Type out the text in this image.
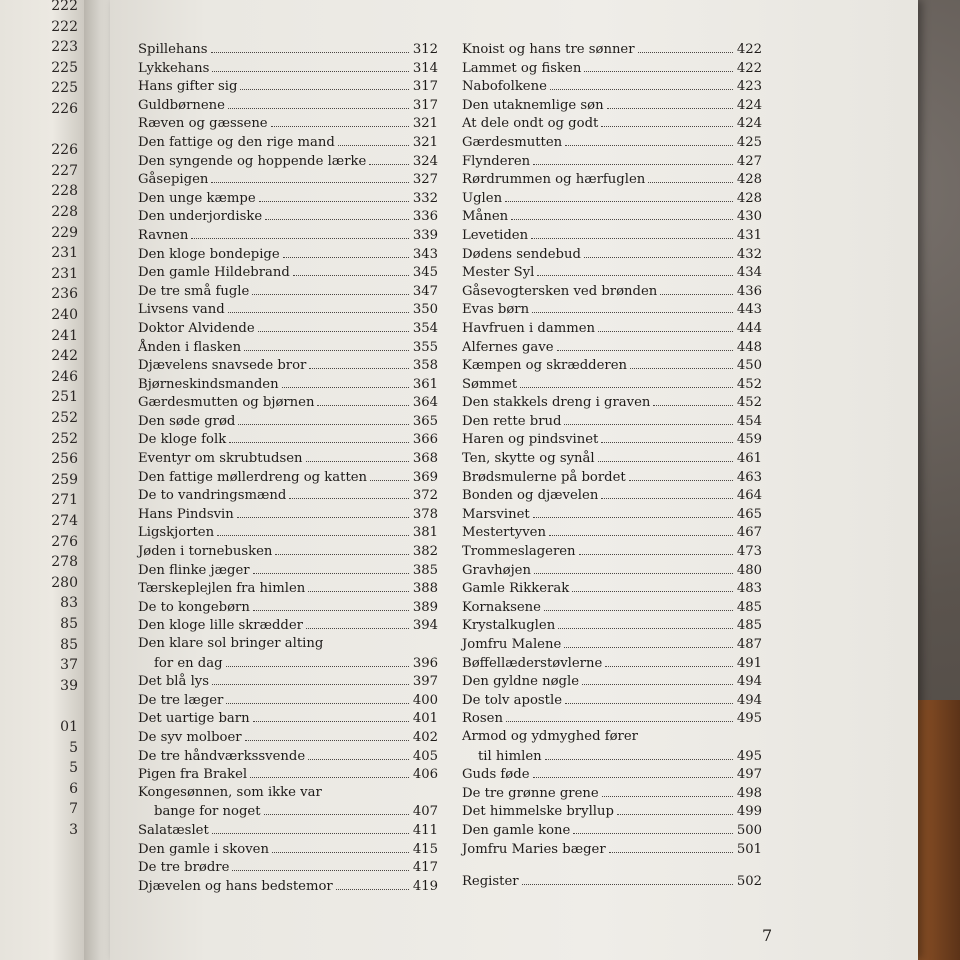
222
222
223
225
225
226
226
227
228
228
229
231
231
236
240
241
242
246
251
252
252
256
259
271
274
276
278
280
83
85
85
37
39
01
5
5
6
7
3
Spillehans	312
Lykkehans	314
Hans gifter sig	317
Guldbørnene	317
Ræven og gæssene	321
Den fattige og den rige mand	321
Den syngende og hoppende lærke	324
Gåsepigen	327
Den unge kæmpe	332
Den underjordiske	336
Ravnen	339
Den kloge bondepige	343
Den gamle Hildebrand	345
De tre små fugle	347
Livsens vand	350
Doktor Alvidende	354
Ånden i flasken	355
Djævelens snavsede bror	358
Bjørneskindsmanden	361
Gærdesmutten og bjørnen	364
Den søde grød	365
De kloge folk	366
Eventyr om skrubtudsen	368
Den fattige møllerdreng og katten	369
De to vandringsmænd	372
Hans Pindsvin	378
Ligskjorten	381
Jøden i tornebusken	382
Den flinke jæger	385
Tærskeplejlen fra himlen	388
De to kongebørn	389
Den kloge lille skrædder	394
Den klare sol bringer alting
for en dag	396
Det blå lys	397
De tre læger	400
Det uartige barn	401
De syv molboer	402
De tre håndværkssvende	405
Pigen fra Brakel	406
Kongesønnen, som ikke var
bange for noget	407
Salatæslet	411
Den gamle i skoven	415
De tre brødre	417
Djævelen og hans bedstemor	419
Knoist og hans tre sønner	422
Lammet og fisken	422
Nabofolkene	423
Den utaknemlige søn	424
At dele ondt og godt	424
Gærdesmutten	425
Flynderen	427
Rørdrummen og hærfuglen	428
Uglen	428
Månen	430
Levetiden	431
Dødens sendebud	432
Mester Syl	434
Gåsevogtersken ved brønden	436
Evas børn	443
Havfruen i dammen	444
Alfernes gave	448
Kæmpen og skrædderen	450
Sømmet	452
Den stakkels dreng i graven	452
Den rette brud	454
Haren og pindsvinet	459
Ten, skytte og synål	461
Brødsmulerne på bordet	463
Bonden og djævelen	464
Marsvinet	465
Mestertyven	467
Trommeslageren	473
Gravhøjen	480
Gamle Rikkerak	483
Kornaksene	485
Krystalkuglen	485
Jomfru Malene	487
Bøffellæderstøvlerne	491
Den gyldne nøgle	494
De tolv apostle	494
Rosen	495
Armod og ydmyghed fører
til himlen	495
Guds føde	497
De tre grønne grene	498
Det himmelske bryllup	499
Den gamle kone	500
Jomfru Maries bæger	501
Register	502
7
